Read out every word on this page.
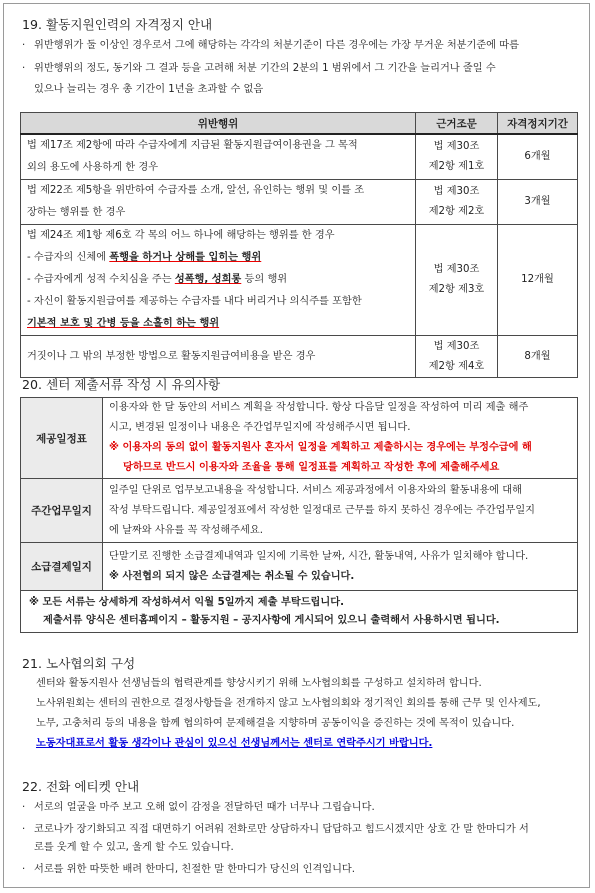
19. 활동지원인력의 자격정지 안내
· 위반행위가 둘 이상인 경우로서 그에 해당하는 각각의 처분기준이 다른 경우에는 가장 무거운 처분기준에 따름
· 위반행위의 정도, 동기와 그 결과 등을 고려해 처분 기간의 2분의 1 범위에서 그 기간을 늘리거나 줄일 수
있으나 늘리는 경우 총 기간이 1년을 초과할 수 없음
위반행위	근거조문	자격정지기간
법 제17조 제2항에 따라 수급자에게 지급된 활동지원급여이용권을 그 목적
외의 용도에 사용하게 한 경우	법 제30조
제2항 제1호	6개월
법 제22조 제5항을 위반하여 수급자를 소개, 알선, 유인하는 행위 및 이를 조
장하는 행위를 한 경우	법 제30조
제2항 제2호	3개월
법 제24조 제1항 제6호 각 목의 어느 하나에 해당하는 행위를 한 경우
- 수급자의 신체에 폭행을 하거나 상해를 입히는 행위
- 수급자에게 성적 수치심을 주는 성폭행, 성희롱 등의 행위
- 자신이 활동지원급여를 제공하는 수급자를 내다 버리거나 의식주를 포함한
기본적 보호 및 간병 등을 소홀히 하는 행위	법 제30조
제2항 제3호	12개월
거짓이나 그 밖의 부정한 방법으로 활동지원급여비용을 받은 경우	법 제30조
제2항 제4호	8개월
20. 센터 제출서류 작성 시 유의사항
제공일정표	이용자와 한 달 동안의 서비스 계획을 작성합니다. 항상 다음달 일정을 작성하여 미리 제출 해주
시고, 변경된 일정이나 내용은 주간업무일지에 작성해주시면 됩니다.
※ 이용자의 동의 없이 활동지원사 혼자서 일정을 계획하고 제출하시는 경우에는 부정수급에 해
당하므로 반드시 이용자와 조율을 통해 일정표를 계획하고 작성한 후에 제출해주세요
주간업무일지	일주일 단위로 업무보고내용을 작성합니다. 서비스 제공과정에서 이용자와의 활동내용에 대해
작성 부탁드립니다. 제공일정표에서 작성한 일정대로 근무를 하지 못하신 경우에는 주간업무일지
에 날짜와 사유를 꼭 작성해주세요.
소급결제일지	단말기로 진행한 소급결제내역과 일지에 기록한 날짜, 시간, 활동내역, 사유가 일치해야 합니다.
※ 사전협의 되지 않은 소급결제는 취소될 수 있습니다.
※ 모든 서류는 상세하게 작성하셔서 익월 5일까지 제출 부탁드립니다.
제출서류 양식은 센터홈페이지 – 활동지원 – 공지사항에 게시되어 있으니 출력해서 사용하시면 됩니다.	
21. 노사협의회 구성
센터와 활동지원사 선생님들의 협력관계를 향상시키기 위해 노사협의회를 구성하고 설치하려 합니다.
노사위원회는 센터의 권한으로 결정사항들을 전개하지 않고 노사협의회와 정기적인 회의를 통해 근무 및 인사제도,
노무, 고충처리 등의 내용을 함께 협의하여 문제해결을 지향하며 공동이익을 증진하는 것에 목적이 있습니다.
노동자대표로서 활동 생각이나 관심이 있으신 선생님께서는 센터로 연락주시기 바랍니다.
22. 전화 에티켓 안내
· 서로의 얼굴을 마주 보고 오해 없이 감정을 전달하던 때가 너무나 그립습니다.
· 코로나가 장기화되고 직접 대면하기 어려워 전화로만 상담하자니 답답하고 힘드시겠지만 상호 간 말 한마디가 서
로를 웃게 할 수 있고, 울게 할 수도 있습니다.
· 서로를 위한 따뜻한 배려 한마디, 친절한 말 한마디가 당신의 인격입니다.
